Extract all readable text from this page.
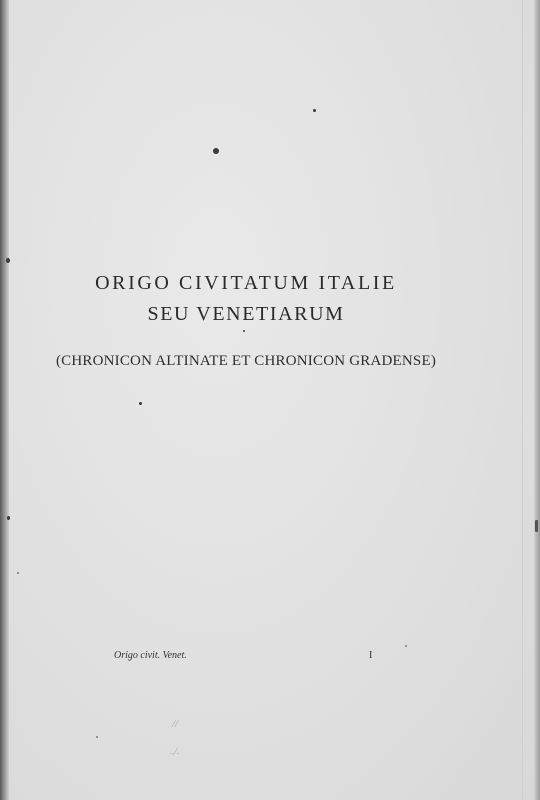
ORIGO CIVITATUM ITALIE
SEU VENETIARUM
(CHRONICON ALTINATE ET CHRONICON GRADENSE)
Origo civit. Venet.	I
//
.,/.
